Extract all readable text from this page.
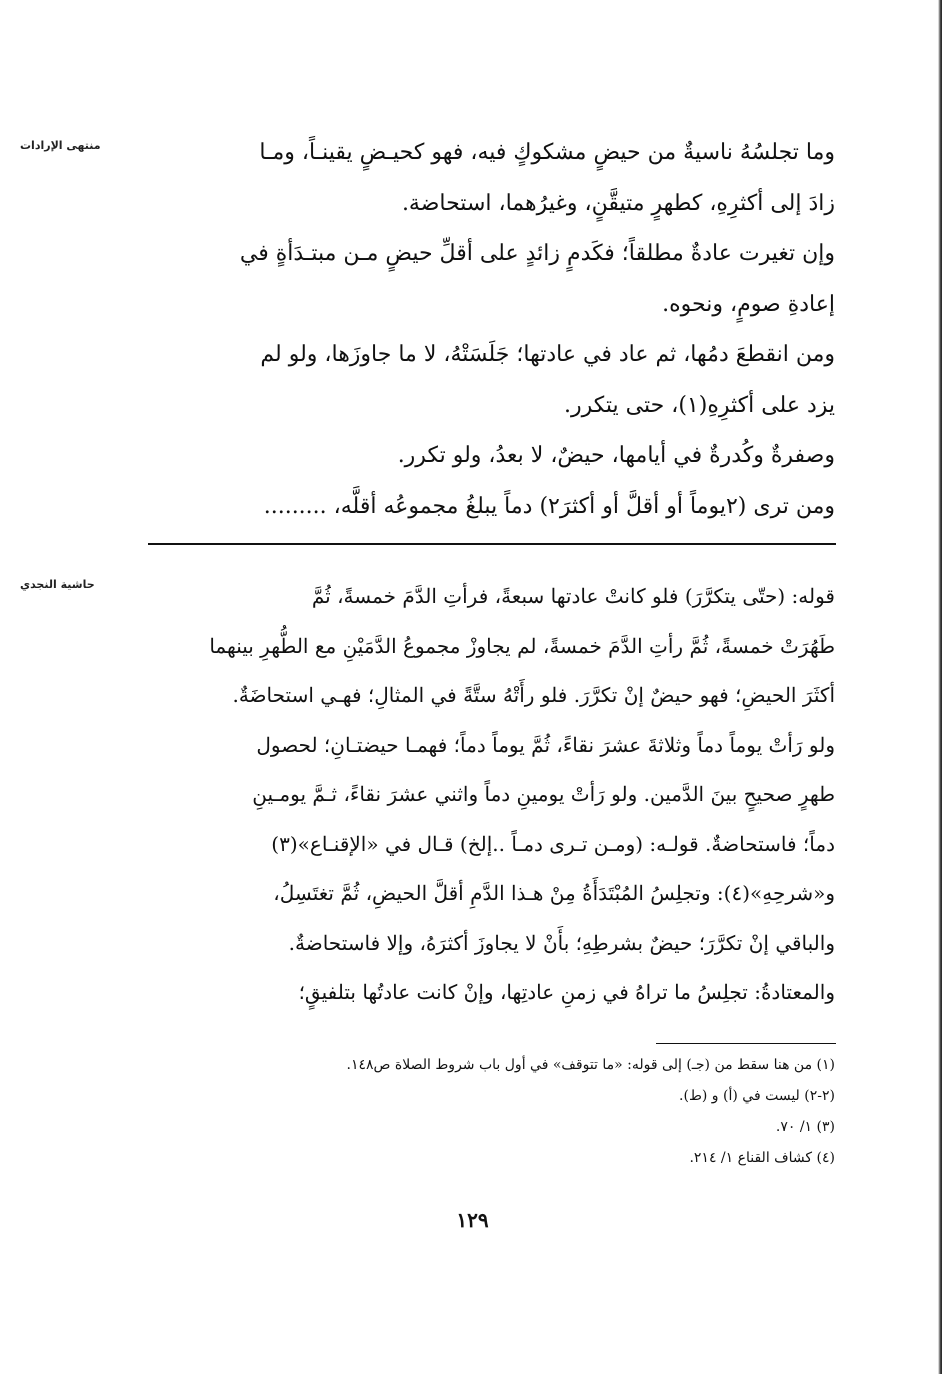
منتهى الإرادات
حاشية النجدي

وما تجلسُهُ ناسيةٌ من حيضٍ مشكوكٍ فيه، فهو كحيـضٍ يقينـاً، ومـا

زادَ إلى أكثرِهِ، كطهرٍ متيقَّنٍ، وغيرُهما، استحاضة.

وإن تغيرت عادةٌ مطلقاً؛ فكَدمٍ زائدٍ على أقلِّ حيضٍ مـن مبتـدَأةٍ في

إعادةِ صومٍ، ونحوه.

ومن انقطعَ دمُها، ثم عاد في عادتها؛ جَلَسَتْهُ، لا ما جاوزَها، ولو لم

يزد على أكثرِهِ(١)، حتى يتكرر.

وصفرةٌ وكُدرةٌ في أيامها، حيضٌ، لا بعدُ، ولو تكرر.

ومن ترى (٢يوماً أو أقلَّ أو أكثرَ٢) دماً يبلغُ مجموعُه أقلَّه، .........

قوله: (حتّى يتكرَّرَ) فلو كانتْ عادتها سبعةً، فرأتِ الدَّمَ خمسةً، ثُمَّ

طَهُرَتْ خمسةً، ثُمَّ رأتِ الدَّمَ خمسةً، لم يجاوزْ مجموعُ الدَّمَيْنِ مع الطُّهرِ بينهما

أكثَرَ الحيضِ؛ فهو حيضٌ إنْ تكرَّرَ. فلو رأَتْهُ ستَّةً في المثالِ؛ فهـي استحاضَةٌ.

ولو رَأتْ يوماً دماً وثلاثةَ عشرَ نقاءً، ثُمَّ يوماً دماً؛ فهمـا حيضتـانِ؛ لحصول

طهرٍ صحيحٍ بينَ الدَّمين. ولو رَأتْ يومينِ دماً واثني عشرَ نقاءً، ثـمَّ يومـينِ

دماً؛ فاستحاضةٌ. قولـه: (ومـن تـرى دمـاً ..إلخ) قـال في «الإقنـاع»(٣)

و«شرحِهِ»(٤): وتجلِسُ المُبْتَدَأَةُ مِنْ هـذا الدَّمِ أقلَّ الحيضِ، ثُمَّ تغتَسِلُ،

والباقي إنْ تكرَّرَ؛ حيضٌ بشرطِهِ؛ بأَنْ لا يجاوزَ أكثرَهُ، وإلا فاستحاضةٌ.

والمعتادةُ: تجلِسُ ما تراهُ في زمنِ عادتِها، وإنْ كانت عادتُها بتلفيقٍ؛

(١) من هنا سقط من (جـ) إلى قوله: «ما تتوقف» في أول باب شروط الصلاة ص١٤٨.

(٢-٢) ليست في (أ) و (ط).

(٣) ١/ ٧٠.

(٤) كشاف القناع ١/ ٢١٤.

١٢٩
